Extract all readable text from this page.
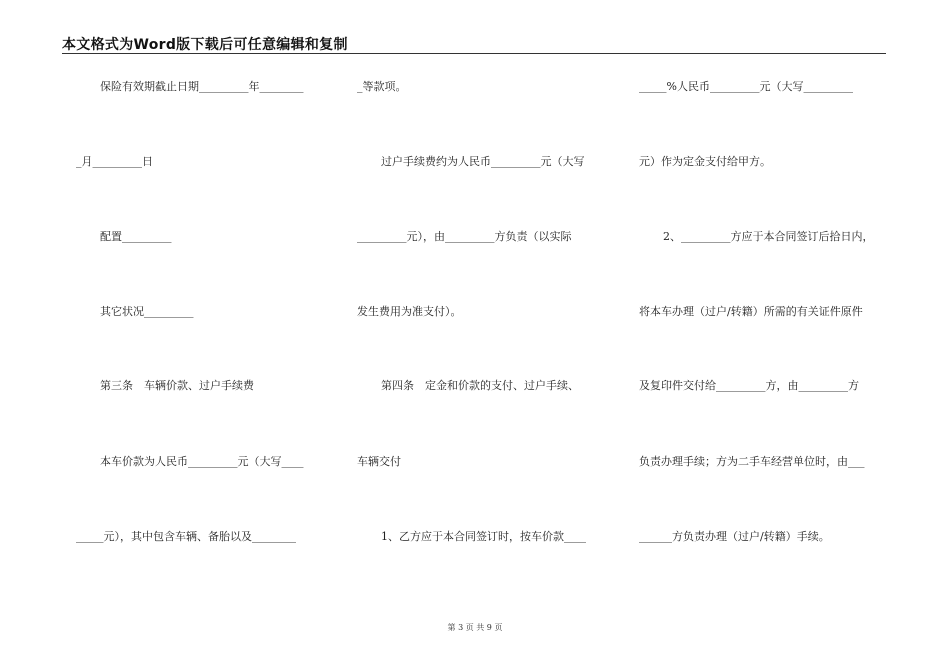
本文格式为Word版下载后可任意编辑和复制
保险有效期截止日期_________年________
_月_________日
配置_________
其它状况_________
第三条　车辆价款、过户手续费
本车价款为人民币_________元（大写____
_____元），其中包含车辆、备胎以及________
_等款项。
过户手续费约为人民币_________元（大写
_________元），由_________方负责（以实际
发生费用为准支付）。
第四条　定金和价款的支付、过户手续、
车辆交付
1、乙方应于本合同签订时，按车价款____
_____%人民币_________元（大写_________
元）作为定金支付给甲方。
2、_________方应于本合同签订后拾日内，
将本车办理（过户/转籍）所需的有关证件原件
及复印件交付给_________方，由_________方
负责办理手续；方为二手车经营单位时，由___
______方负责办理（过户/转籍）手续。
第 3 页 共 9 页
